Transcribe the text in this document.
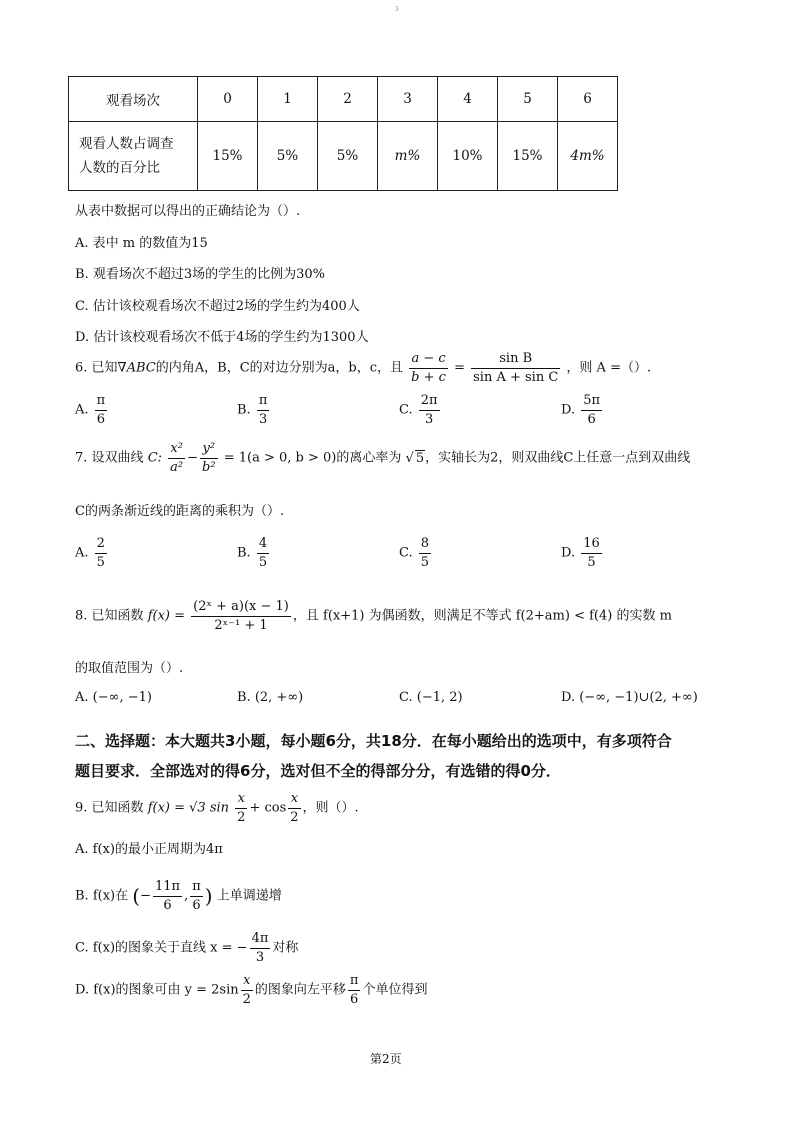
3
观看场次	0	1	2	3	4	5	6
观看人数占调查
人数的百分比	15%	5%	5%	m%	10%	15%	4m%
从表中数据可以得出的正确结论为（）.
A. 表中 m 的数值为15
B. 观看场次不超过3场的学生的比例为30%
C. 估计该校观看场次不超过2场的学生约为400人
D. 估计该校观看场次不低于4场的学生约为1300人
6. 已知∇ABC的内角A，B，C的对边分别为a，b，c，且 $\frac{a - c}{b + c} = \frac{\text{sin B}}{\text{sin A + sin C}}$ ，则 A =（）.
A. $\frac{\pi}{6}$	B. $\frac{\pi}{3}$	C. $\frac{2\pi}{3}$	D. $\frac{5\pi}{6}$
7. 设双曲线 C: $\frac{\text{x²}}{\text{a²}} - \frac{\text{y²}}{\text{b²}} = 1(a > 0$, b > 0)的离心率为 √ 5，实轴长为2，则双曲线C上任意一点到双曲线
C的两条渐近线的距离的乘积为（）.
A. $\frac{2}{5}$	B. $\frac{4}{5}$	C. $\frac{8}{5}$	D. $\frac{16}{5}$
8. 已知函数 $f(x) = \frac{\text{(2ˣ + a)(x − 1)}}{\text{2ˣ⁻¹ + 1}}$ ，且 f(x+1) 为偶函数，则满足不等式 f(2+am) < f(4) 的实数 m
的取值范围为（）.
A. (−∞, −1)	B. (2, +∞)	C. (−1, 2)	D. (−∞, −1)∪(2, +∞)
二、选择题：本大题共3小题，每小题6分，共18分．在每小题给出的选项中，有多项符合
题目要求．全部选对的得6分，选对但不全的得部分分，有选错的得0分．
9. 已知函数 f(x) = √3 $\sin \frac{x}{2} + \cos \frac{x}{2}$ ，则（）.
A. f(x)的最小正周期为4π
B. f(x)在 (− $\frac{11\pi}{6}$ , $\frac{\pi}{6}$ ) 上单调递增
C. f(x)的图象关于直线 x = − $\frac{4\pi}{3}$ 对称
D. f(x)的图象可由 $y = 2\sin \frac{x}{2}$ 的图象向左平移 $\frac{\pi}{6}$ 个单位得到
第2页
